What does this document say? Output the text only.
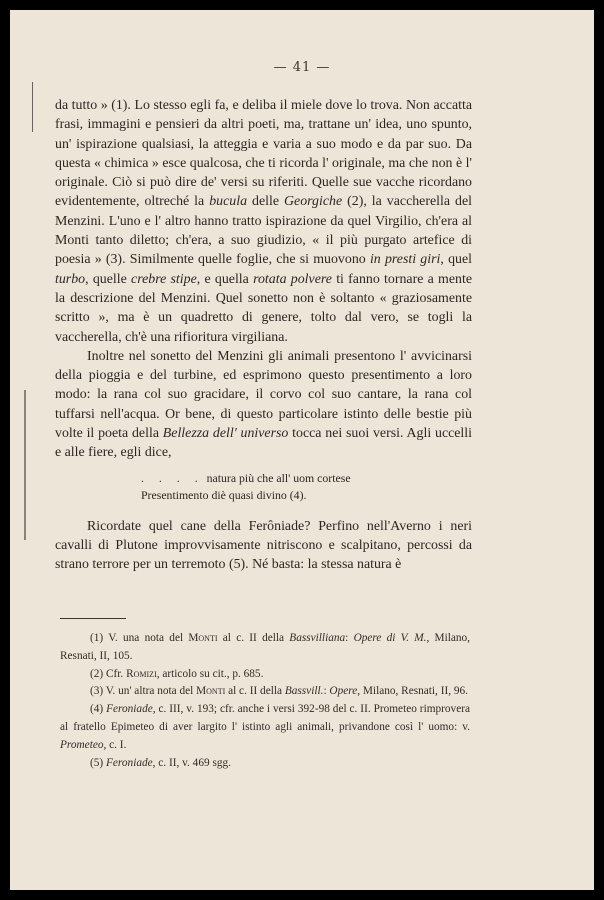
— 41 —

da tutto » (1). Lo stesso egli fa, e deliba il miele dove lo trova. Non accatta frasi, immagini e pensieri da altri poeti, ma, trattane un' idea, uno spunto, un' ispirazione qualsiasi, la atteggia e varia a suo modo e da par suo. Da questa « chimica » esce qualcosa, che ti ricorda l' originale, ma che non è l' originale. Ciò si può dire de' versi su riferiti. Quelle sue vacche ricordano evidentemente, oltreché la bucula delle Georgiche (2), la vaccherella del Menzini. L'uno e l' altro hanno tratto ispirazione da quel Virgilio, ch'era al Monti tanto diletto; ch'era, a suo giudizio, « il più purgato artefice di poesia » (3). Similmente quelle foglie, che si muovono in presti giri, quel turbo, quelle crebre stipe, e quella rotata polvere ti fanno tornare a mente la descrizione del Menzini. Quel sonetto non è soltanto « graziosamente scritto », ma è un quadretto di genere, tolto dal vero, se togli la vaccherella, ch'è una rifioritura virgiliana.

Inoltre nel sonetto del Menzini gli animali presentono l' avvicinarsi della pioggia e del turbine, ed esprimono questo presentimento a loro modo: la rana col suo gracidare, il corvo col suo cantare, la rana col tuffarsi nell'acqua. Or bene, di questo particolare istinto delle bestie più volte il poeta della Bellezza dell' universo tocca nei suoi versi. Agli uccelli e alle fiere, egli dice,

. . . . natura più che all' uom cortese
Presentimento diè quasi divino (4).

Ricordate quel cane della Ferôniade? Perfino nell'Averno i neri cavalli di Plutone improvvisamente nitriscono e scalpitano, percossi da strano terrore per un terremoto (5). Né basta: la stessa natura è

(1) V. una nota del Monti al c. II della Bassvilliana: Opere di V. M., Milano, Resnati, II, 105.

(2) Cfr. Romizi, articolo su cit., p. 685.

(3) V. un' altra nota del Monti al c. II della Bassvill.: Opere, Milano, Resnati, II, 96.

(4) Feroniade, c. III, v. 193; cfr. anche i versi 392-98 del c. II. Prometeo rimprovera al fratello Epimeteo di aver largito l' istinto agli animali, privandone così l' uomo: v. Prometeo, c. I.

(5) Feroniade, c. II, v. 469 sgg.
